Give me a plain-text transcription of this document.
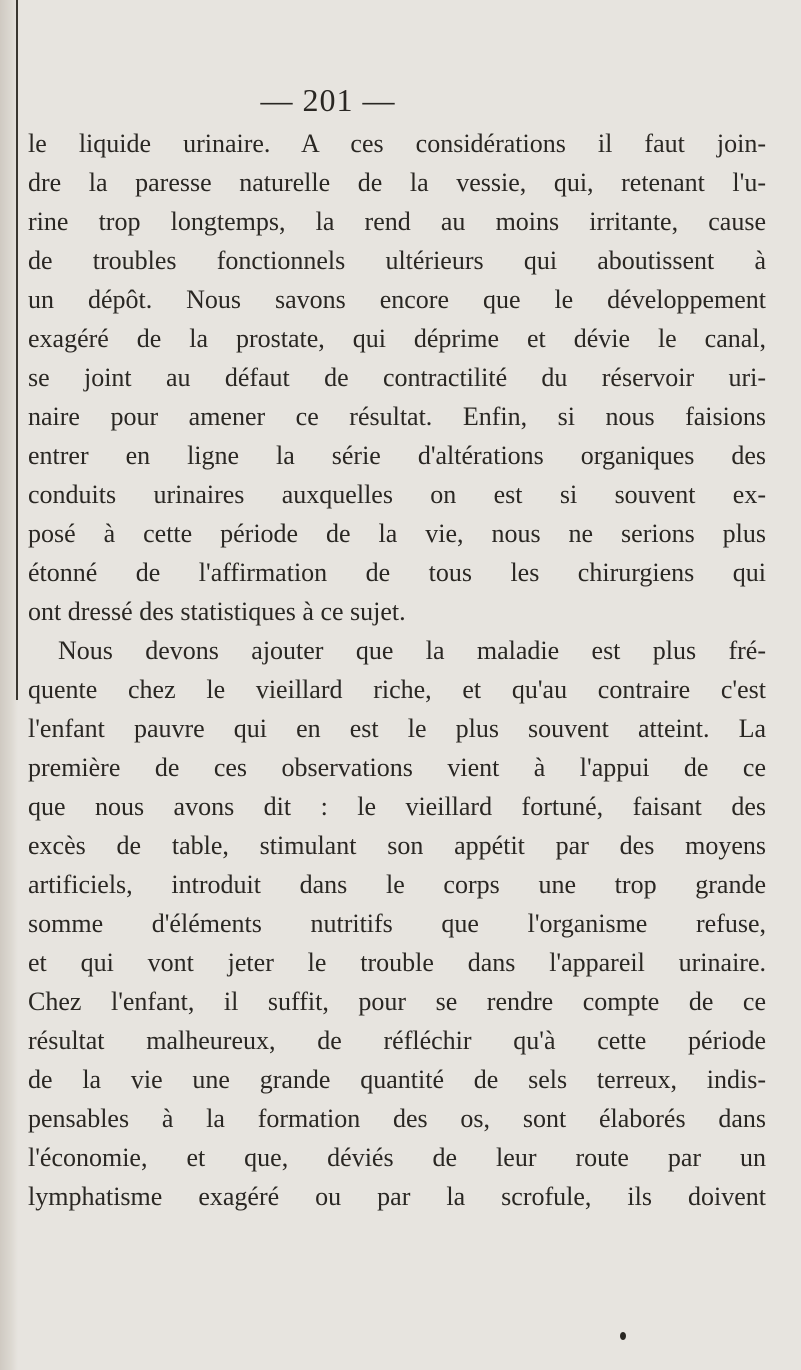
— 201 —
le liquide urinaire. A ces considérations il faut join-
dre la paresse naturelle de la vessie, qui, retenant l'u-
rine trop longtemps, la rend au moins irritante, cause
de troubles fonctionnels ultérieurs qui aboutissent à
un dépôt. Nous savons encore que le développement
exagéré de la prostate, qui déprime et dévie le canal,
se joint au défaut de contractilité du réservoir uri-
naire pour amener ce résultat. Enfin, si nous faisions
entrer en ligne la série d'altérations organiques des
conduits urinaires auxquelles on est si souvent ex-
posé à cette période de la vie, nous ne serions plus
étonné de l'affirmation de tous les chirurgiens qui
ont dressé des statistiques à ce sujet.
Nous devons ajouter que la maladie est plus fré-
quente chez le vieillard riche, et qu'au contraire c'est
l'enfant pauvre qui en est le plus souvent atteint. La
première de ces observations vient à l'appui de ce
que nous avons dit : le vieillard fortuné, faisant des
excès de table, stimulant son appétit par des moyens
artificiels, introduit dans le corps une trop grande
somme d'éléments nutritifs que l'organisme refuse,
et qui vont jeter le trouble dans l'appareil urinaire.
Chez l'enfant, il suffit, pour se rendre compte de ce
résultat malheureux, de réfléchir qu'à cette période
de la vie une grande quantité de sels terreux, indis-
pensables à la formation des os, sont élaborés dans
l'économie, et que, déviés de leur route par un
lymphatisme exagéré ou par la scrofule, ils doivent
